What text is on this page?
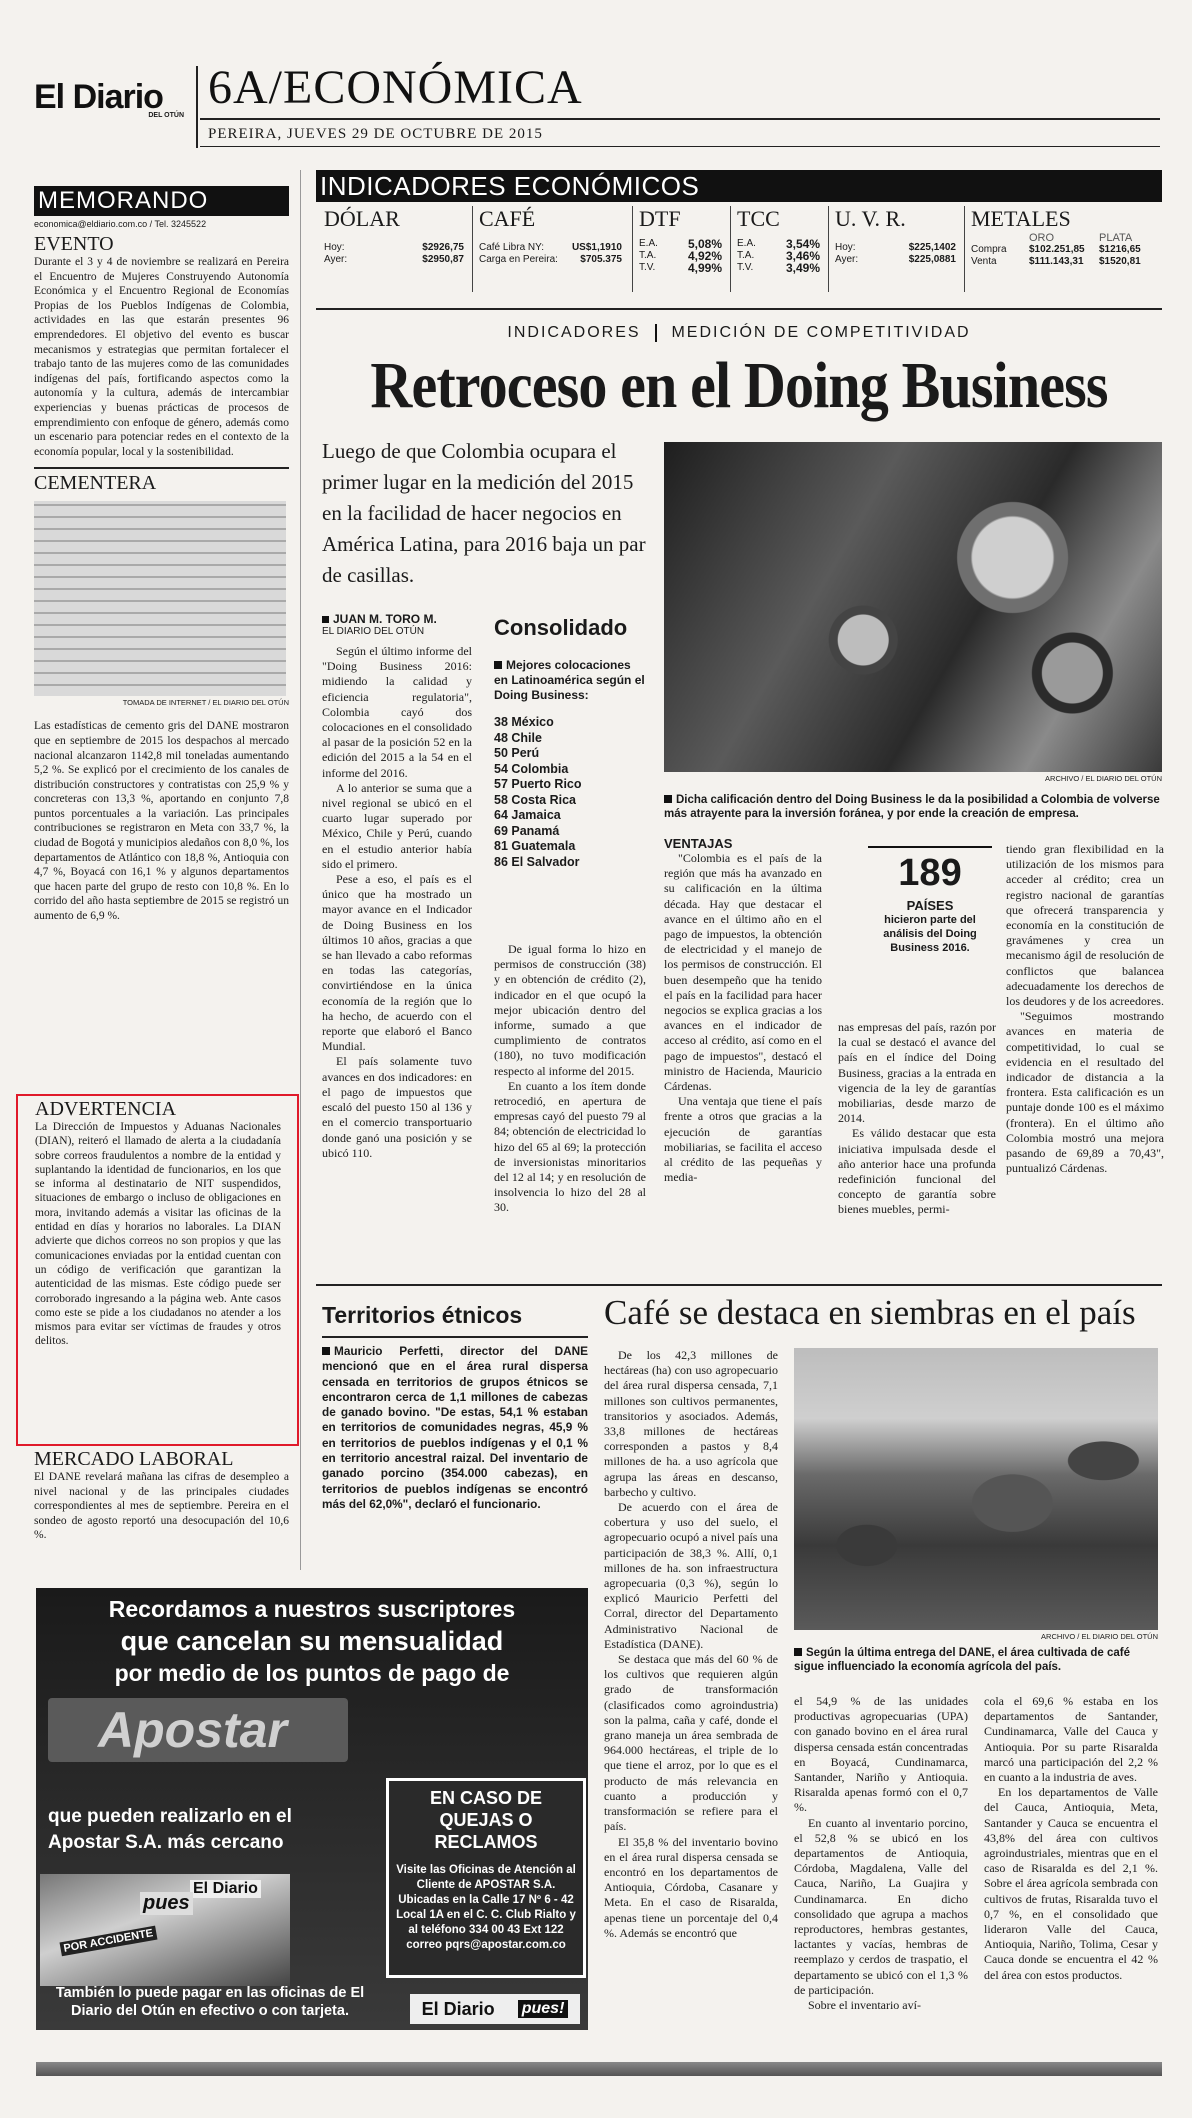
El Diario
DEL OTÚN
6A/ECONÓMICA
PEREIRA, JUEVES 29 DE OCTUBRE DE 2015
MEMORANDO
economica@eldiario.com.co / Tel. 3245522
EVENTO
Durante el 3 y 4 de noviembre se realizará en Pereira el Encuentro de Mujeres Construyendo Autonomía Económica y el Encuentro Regional de Economías Propias de los Pueblos Indígenas de Colombia, actividades en las que estarán presentes 96 emprendedores. El objetivo del evento es buscar mecanismos y estrategias que permitan fortalecer el trabajo tanto de las mujeres como de las comunidades indígenas del país, fortificando aspectos como la autonomía y la cultura, además de intercambiar experiencias y buenas prácticas de procesos de emprendimiento con enfoque de género, además como un escenario para potenciar redes en el contexto de la economía popular, local y la sostenibilidad.
CEMENTERA
TOMADA DE INTERNET / EL DIARIO DEL OTÚN
Las estadísticas de cemento gris del DANE mostraron que en septiembre de 2015 los despachos al mercado nacional alcanzaron 1142,8 mil toneladas aumentando 5,2 %. Se explicó por el crecimiento de los canales de distribución constructores y contratistas con 25,9 % y concreteras con 13,3 %, aportando en conjunto 7,8 puntos porcentuales a la variación. Las principales contribuciones se registraron en Meta con 33,7 %, la ciudad de Bogotá y municipios aledaños con 8,0 %, los departamentos de Atlántico con 18,8 %, Antioquia con 4,7 %, Boyacá con 16,1 % y algunos departamentos que hacen parte del grupo de resto con 10,8 %. En lo corrido del año hasta septiembre de 2015 se registró un aumento de 6,9 %.
ADVERTENCIA
La Dirección de Impuestos y Aduanas Nacionales (DIAN), reiteró el llamado de alerta a la ciudadanía sobre correos fraudulentos a nombre de la entidad y suplantando la identidad de funcionarios, en los que se informa al destinatario de NIT suspendidos, situaciones de embargo o incluso de obligaciones en mora, invitando además a visitar las oficinas de la entidad en días y horarios no laborales. La DIAN advierte que dichos correos no son propios y que las comunicaciones enviadas por la entidad cuentan con un código de verificación que garantizan la autenticidad de las mismas. Este código puede ser corroborado ingresando a la página web. Ante casos como este se pide a los ciudadanos no atender a los mismos para evitar ser víctimas de fraudes y otros delitos.
MERCADO LABORAL
El DANE revelará mañana las cifras de desempleo a nivel nacional y de las principales ciudades correspondientes al mes de septiembre. Pereira en el sondeo de agosto reportó una desocupación del 10,6 %.
INDICADORES ECONÓMICOS
DÓLAR
Hoy:	$2926,75
Ayer:	$2950,87
CAFÉ
Café Libra NY:	US$1,1910
Carga en Pereira: $705.375
DTF
E.A.	5,08%
T.A.	4,92%
T.V.	4,99%
TCC
E.A.	3,54%
T.A.	3,46%
T.V.	3,49%
U. V. R.
Hoy:	$225,1402
Ayer:	$225,0881
METALES
ORO	PLATA
Compra	$102.251,85	$1216,65
Venta	$111.143,31	$1520,81
INDICADORES MEDICIÓN DE COMPETITIVIDAD
Retroceso en el Doing Business
Luego de que Colombia ocupara el primer lugar en la medición del 2015 en la facilidad de hacer negocios en América Latina, para 2016 baja un par de casillas.
ARCHIVO / EL DIARIO DEL OTÚN
Dicha calificación dentro del Doing Business le da la posibilidad a Colombia de volverse más atrayente para la inversión foránea, y por ende la creación de empresa.
JUAN M. TORO M.
EL DIARIO DEL OTÚN

Según el último informe del "Doing Business 2016: midiendo la calidad y eficiencia regulatoria", Colombia cayó dos colocaciones en el consolidado al pasar de la posición 52 en la edición del 2015 a la 54 en el informe del 2016.

A lo anterior se suma que a nivel regional se ubicó en el cuarto lugar superado por México, Chile y Perú, cuando en el estudio anterior había sido el primero.

Pese a eso, el país es el único que ha mostrado un mayor avance en el Indicador de Doing Business en los últimos 10 años, gracias a que se han llevado a cabo reformas en todas las categorías, convirtiéndose en la única economía de la región que lo ha hecho, de acuerdo con el reporte que elaboró el Banco Mundial.

El país solamente tuvo avances en dos indicadores: en el pago de impuestos que escaló del puesto 150 al 136 y en el comercio transportuario donde ganó una posición y se ubicó 110.

Consolidado
Mejores colocaciones en Latinoamérica según el Doing Business:
38 México
48 Chile
50 Perú
54 Colombia
57 Puerto Rico
58 Costa Rica
64 Jamaica
69 Panamá
81 Guatemala
86 El Salvador

De igual forma lo hizo en permisos de construcción (38) y en obtención de crédito (2), indicador en el que ocupó la mejor ubicación dentro del informe, sumado a que cumplimiento de contratos (180), no tuvo modificación respecto al informe del 2015.

En cuanto a los ítem donde retrocedió, en apertura de empresas cayó del puesto 79 al 84; obtención de electricidad lo hizo del 65 al 69; la protección de inversionistas minoritarios del 12 al 14; y en resolución de insolvencia lo hizo del 28 al 30.

VENTAJAS

"Colombia es el país de la región que más ha avanzado en su calificación en la última década. Hay que destacar el avance en el último año en el pago de impuestos, la obtención de electricidad y el manejo de los permisos de construcción. El buen desempeño que ha tenido el país en la facilidad para hacer negocios se explica gracias a los avances en el indicador de acceso al crédito, así como en el pago de impuestos", destacó el ministro de Hacienda, Mauricio Cárdenas.

Una ventaja que tiene el país frente a otros que gracias a la ejecución de garantías mobiliarias, se facilita el acceso al crédito de las pequeñas y media-

189
PAÍSES
hicieron parte del análisis del Doing Business 2016.

nas empresas del país, razón por la cual se destacó el avance del país en el índice del Doing Business, gracias a la entrada en vigencia de la ley de garantías mobiliarias, desde marzo de 2014.

Es válido destacar que esta iniciativa impulsada desde el año anterior hace una profunda redefinición funcional del concepto de garantía sobre bienes muebles, permi-

tiendo gran flexibilidad en la utilización de los mismos para acceder al crédito; crea un registro nacional de garantías que ofrecerá transparencia y economía en la constitución de gravámenes y crea un mecanismo ágil de resolución de conflictos que balancea adecuadamente los derechos de los deudores y de los acreedores.

"Seguimos mostrando avances en materia de competitividad, lo cual se evidencia en el resultado del indicador de distancia a la frontera. Esta calificación es un puntaje donde 100 es el máximo (frontera). En el último año Colombia mostró una mejora pasando de 69,89 a 70,43", puntualizó Cárdenas.

Territorios étnicos
Mauricio Perfetti, director del DANE mencionó que en el área rural dispersa censada en territorios de grupos étnicos se encontraron cerca de 1,1 millones de cabezas de ganado bovino. "De estas, 54,1 % estaban en territorios de comunidades negras, 45,9 % en territorios de pueblos indígenas y el 0,1 % en territorio ancestral raizal. Del inventario de ganado porcino (354.000 cabezas), en territorios de pueblos indígenas se encontró más del 62,0%", declaró el funcionario.
Café se destaca en siembras en el país

De los 42,3 millones de hectáreas (ha) con uso agropecuario del área rural dispersa censada, 7,1 millones son cultivos permanentes, transitorios y asociados. Además, 33,8 millones de hectáreas corresponden a pastos y 8,4 millones de ha. a uso agrícola que agrupa las áreas en descanso, barbecho y cultivo.

De acuerdo con el área de cobertura y uso del suelo, el agropecuario ocupó a nivel país una participación de 38,3 %. Allí, 0,1 millones de ha. son infraestructura agropecuaria (0,3 %), según lo explicó Mauricio Perfetti del Corral, director del Departamento Administrativo Nacional de Estadística (DANE).

Se destaca que más del 60 % de los cultivos que requieren algún grado de transformación (clasificados como agroindustria) son la palma, caña y café, donde el grano maneja un área sembrada de 964.000 hectáreas, el triple de lo que tiene el arroz, por lo que es el producto de más relevancia en cuanto a producción y transformación se refiere para el país.

El 35,8 % del inventario bovino en el área rural dispersa censada se encontró en los departamentos de Antioquia, Córdoba, Casanare y Meta. En el caso de Risaralda, apenas tiene un porcentaje del 0,4 %. Además se encontró que

ARCHIVO / EL DIARIO DEL OTÚN
Según la última entrega del DANE, el área cultivada de café sigue influenciado la economía agrícola del país.

el 54,9 % de las unidades productivas agropecuarias (UPA) con ganado bovino en el área rural dispersa censada están concentradas en Boyacá, Cundinamarca, Santander, Nariño y Antioquia. Risaralda apenas formó con el 0,7 %.

En cuanto al inventario porcino, el 52,8 % se ubicó en los departamentos de Antioquia, Córdoba, Magdalena, Valle del Cauca, Nariño, La Guajira y Cundinamarca. En dicho consolidado que agrupa a machos reproductores, hembras gestantes, lactantes y vacías, hembras de reemplazo y cerdos de traspatio, el departamento se ubicó con el 1,3 % de participación.

Sobre el inventario aví-

cola el 69,6 % estaba en los departamentos de Santander, Cundinamarca, Valle del Cauca y Antioquia. Por su parte Risaralda marcó una participación del 2,2 % en cuanto a la industria de aves.

En los departamentos de Valle del Cauca, Antioquia, Meta, Santander y Cauca se encuentra el 43,8% del área con cultivos agroindustriales, mientras que en el caso de Risaralda es del 2,1 %. Sobre el área agrícola sembrada con cultivos de frutas, Risaralda tuvo el 0,7 %, en el consolidado que lideraron Valle del Cauca, Antioquia, Nariño, Tolima, Cesar y Cauca donde se encuentra el 42 % del área con estos productos.

Recordamos a nuestros suscriptores
que cancelan su mensualidad
por medio de los puntos de pago de
Apostar
que pueden realizarlo en el
Apostar S.A. más cercano
El Diario
pues
POR ACCIDENTE
EN CASO DE QUEJAS O RECLAMOS
Visite las Oficinas de Atención al Cliente de APOSTAR S.A. Ubicadas en la Calle 17 Nº 6 - 42 Local 1A en el C. C. Club Rialto y al teléfono 334 00 43 Ext 122 correo pqrs@apostar.com.co
También lo puede pagar en las oficinas de El Diario del Otún en efectivo o con tarjeta.	El Diario pues!
